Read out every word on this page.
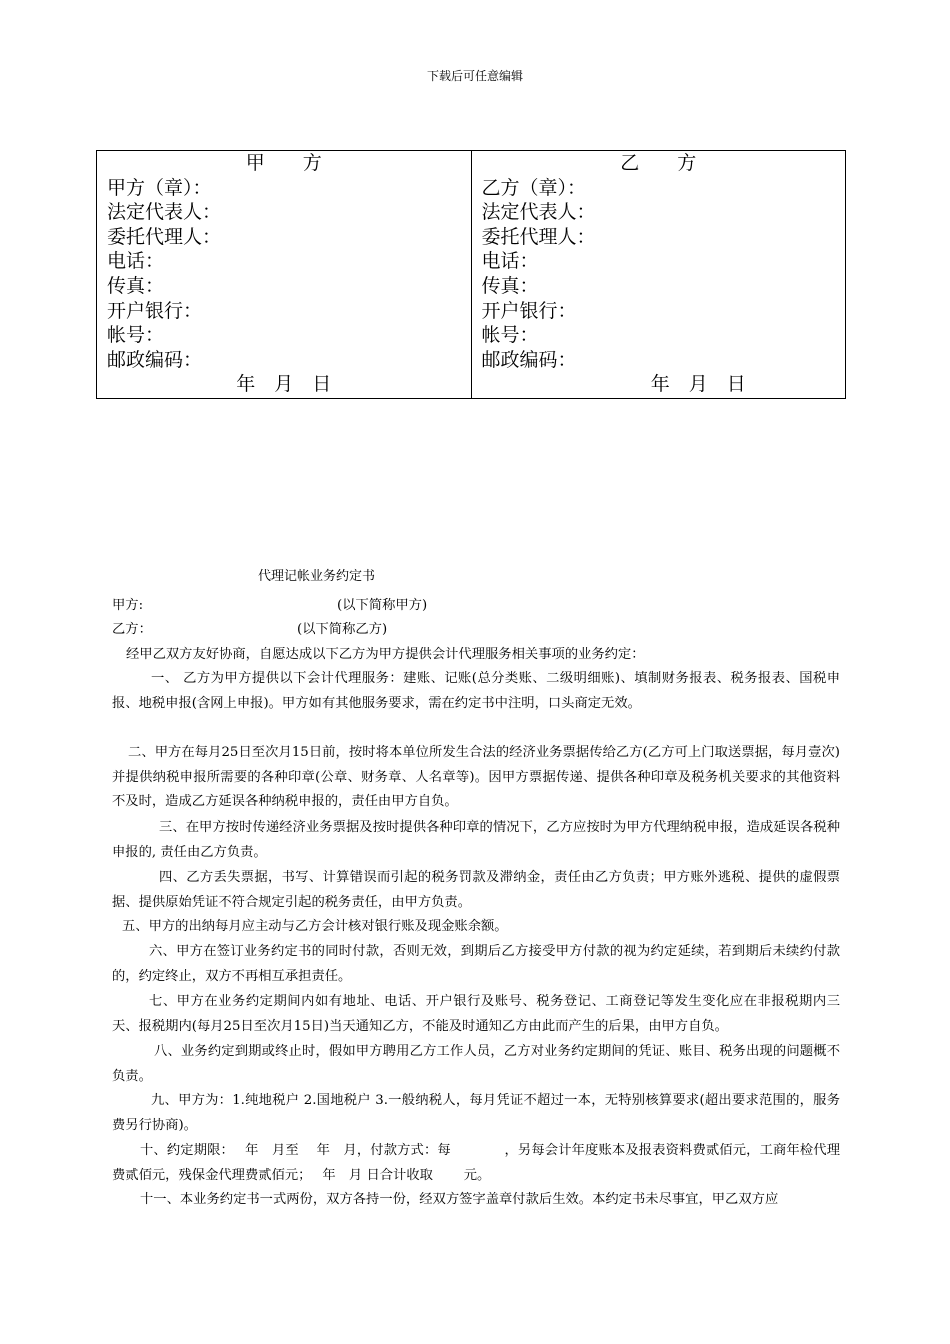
下载后可任意编辑
甲　　方
甲方（章）：
法定代表人：
委托代理人：
电话：
传真：
开户银行：
帐号：
邮政编码：
年　月　日

乙　　方
乙方（章）：
法定代表人：
委托代理人：
电话：
传真：
开户银行：
帐号：
邮政编码：
年　月　日
代理记帐业务约定书
甲方:	(以下简称甲方)
乙方：	(以下简称乙方)

经甲乙双方友好协商，自愿达成以下乙方为甲方提供会计代理服务相关事项的业务约定：

一、 乙方为甲方提供以下会计代理服务：建账、记账(总分类账、二级明细账)、填制财务报表、税务报表、国税申报、地税申报(含网上申报)。甲方如有其他服务要求，需在约定书中注明，口头商定无效。

二、甲方在每月25日至次月15日前，按时将本单位所发生合法的经济业务票据传给乙方(乙方可上门取送票据，每月壹次)并提供纳税申报所需要的各种印章(公章、财务章、人名章等)。因甲方票据传递、提供各种印章及税务机关要求的其他资料不及时，造成乙方延误各种纳税申报的，责任由甲方自负。

三、在甲方按时传递经济业务票据及按时提供各种印章的情况下，乙方应按时为甲方代理纳税申报，造成延误各税种申报的, 责任由乙方负责。

四、乙方丢失票据，书写、计算错误而引起的税务罚款及滞纳金，责任由乙方负责；甲方账外逃税、提供的虚假票据、提供原始凭证不符合规定引起的税务责任，由甲方负责。

五、甲方的出纳每月应主动与乙方会计核对银行账及现金账余额。

六、甲方在签订业务约定书的同时付款，否则无效，到期后乙方接受甲方付款的视为约定延续，若到期后未续约付款的，约定终止，双方不再相互承担责任。

七、甲方在业务约定期间内如有地址、电话、开户银行及账号、税务登记、工商登记等发生变化应在非报税期内三天、报税期内(每月25日至次月15日)当天通知乙方，不能及时通知乙方由此而产生的后果，由甲方自负。

八、业务约定到期或终止时，假如甲方聘用乙方工作人员，乙方对业务约定期间的凭证、账目、税务出现的问题概不负责。

九、甲方为：1.纯地税户 2.国地税户 3.一般纳税人，每月凭证不超过一本，无特别核算要求(超出要求范围的，服务费另行协商)。

十、约定期限：　 年　月至　 年　月，付款方式：每　　　　，另每会计年度账本及报表资料费贰佰元，工商年检代理费贰佰元，残保金代理费贰佰元；　 年　月 日合计收取　　 元。

十一、本业务约定书一式两份，双方各持一份，经双方签字盖章付款后生效。本约定书未尽事宜，甲乙双方应
